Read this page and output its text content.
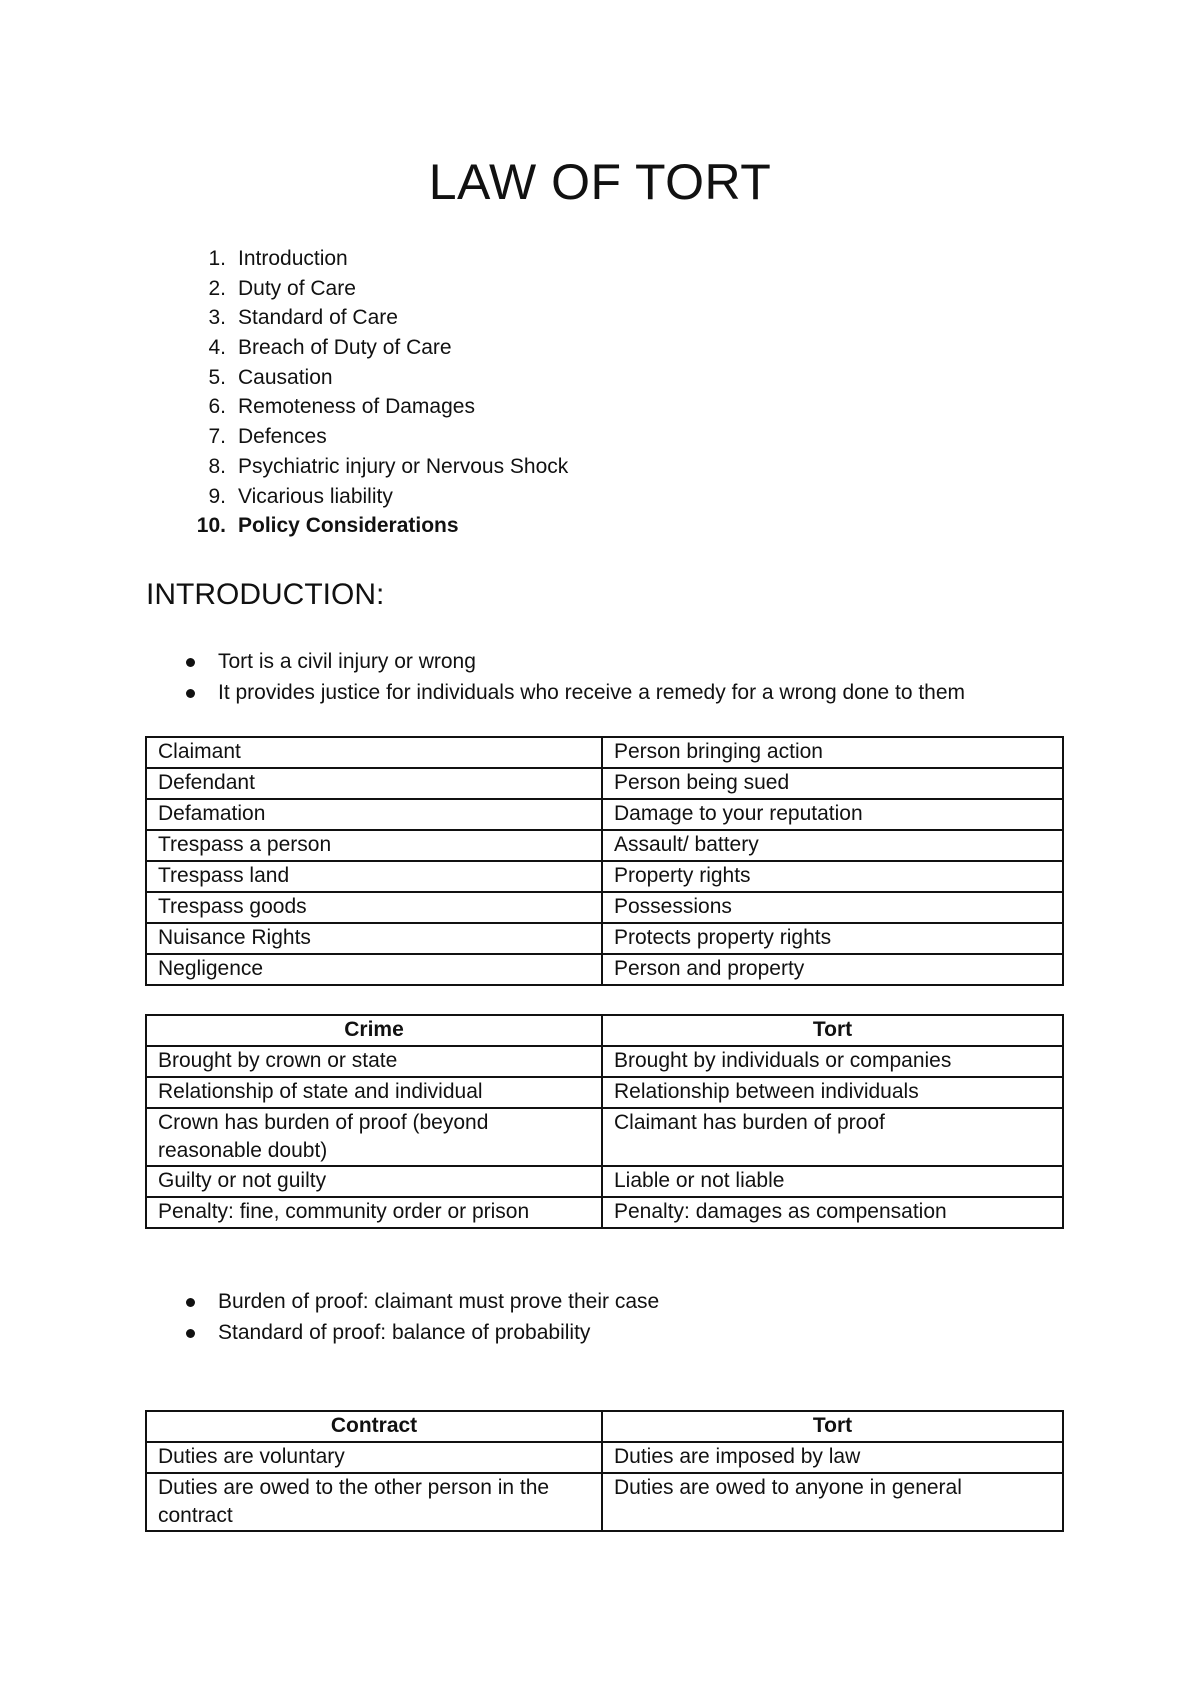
LAW OF TORT
1. Introduction
2. Duty of Care
3. Standard of Care
4. Breach of Duty of Care
5. Causation
6. Remoteness of Damages
7. Defences
8. Psychiatric injury or Nervous Shock
9. Vicarious liability
10. Policy Considerations
INTRODUCTION:
Tort is a civil injury or wrong
It provides justice for individuals who receive a remedy for a wrong done to them
Claimant	Person bringing action
Defendant	Person being sued
Defamation	Damage to your reputation
Trespass a person	Assault/ battery
Trespass land	Property rights
Trespass goods	Possessions
Nuisance Rights	Protects property rights
Negligence	Person and property
Crime	Tort
Brought by crown or state	Brought by individuals or companies
Relationship of state and individual	Relationship between individuals
Crown has burden of proof (beyond reasonable doubt)	Claimant has burden of proof
Guilty or not guilty	Liable or not liable
Penalty: fine, community order or prison	Penalty: damages as compensation
Burden of proof: claimant must prove their case
Standard of proof: balance of probability
Contract	Tort
Duties are voluntary	Duties are imposed by law
Duties are owed to the other person in the contract	Duties are owed to anyone in general
